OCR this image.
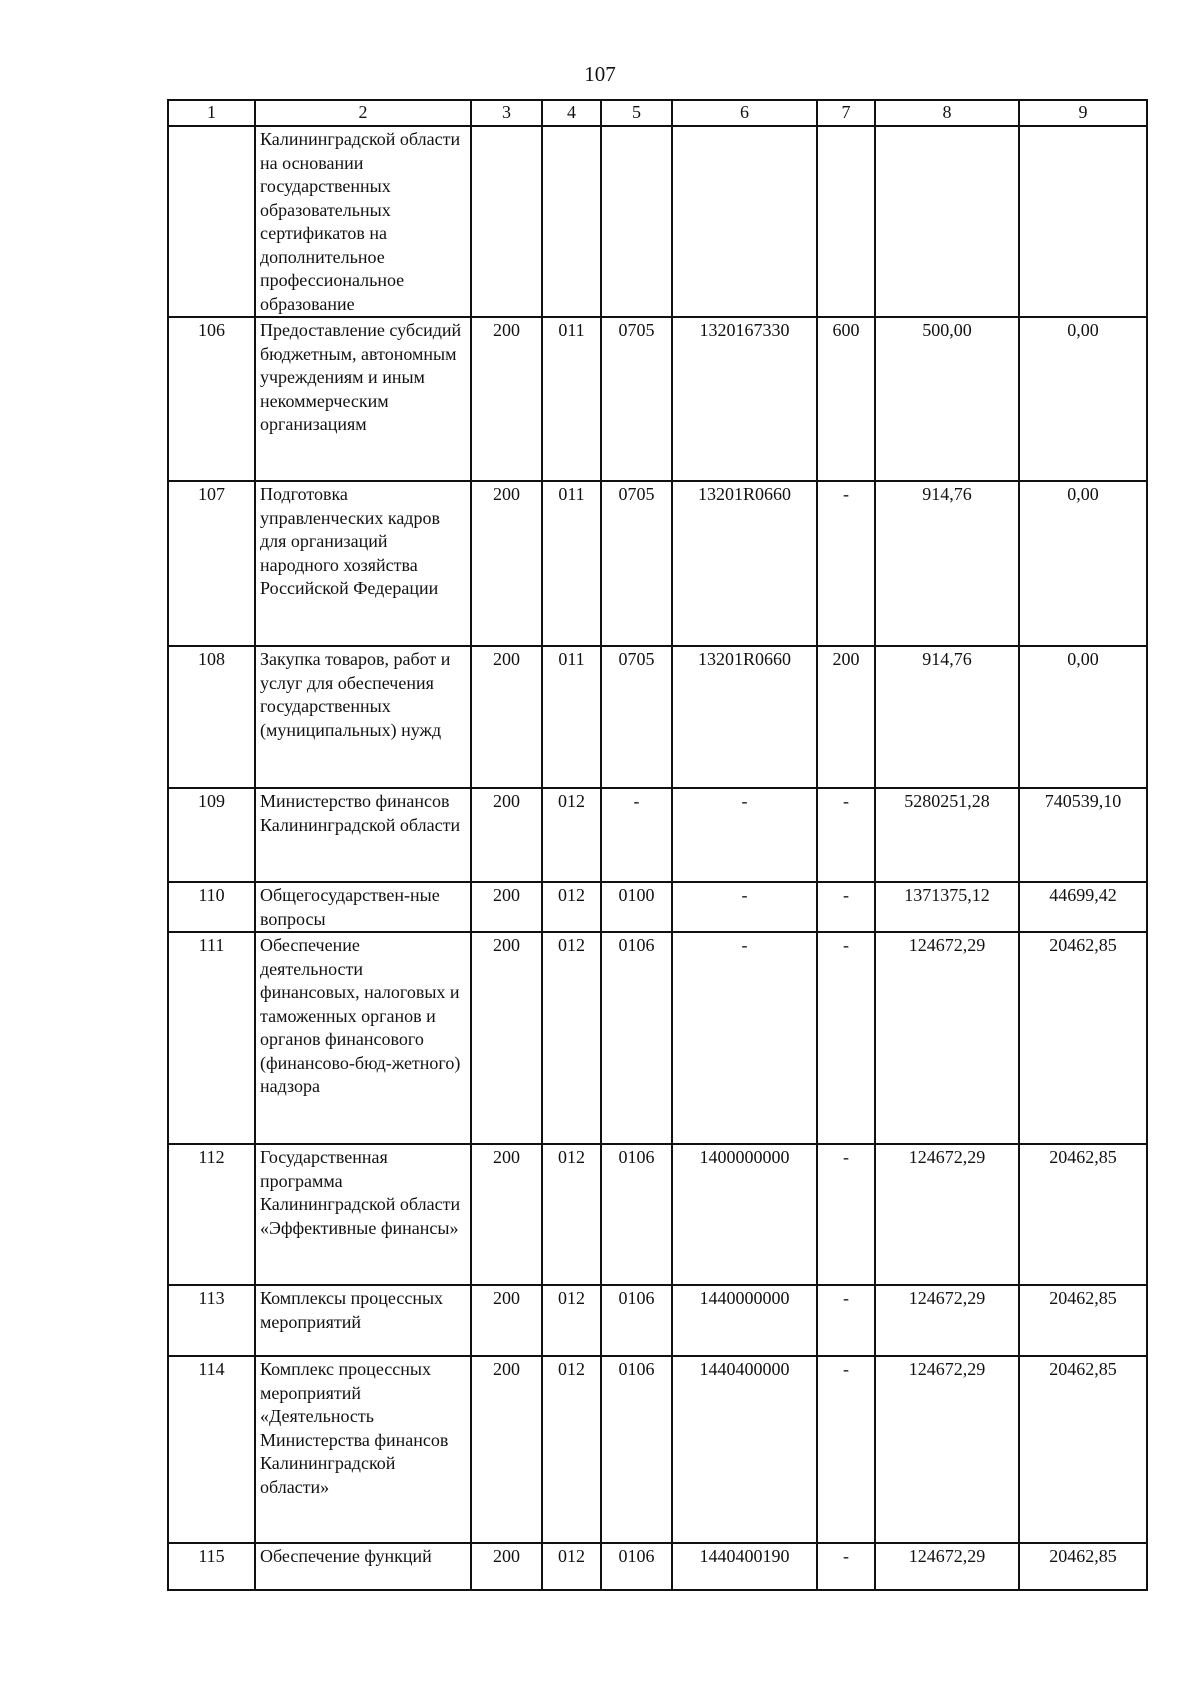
107
1	2	3	4	5	6	7	8	9
	Калининградской области на основании государственных образовательных сертификатов на дополнительное профессиональное образование							
106	Предоставление субсидий бюджетным, автономным учреждениям и иным некоммерческим организациям	200	011	0705	1320167330	600	500,00	0,00
107	Подготовка управленческих кадров для организаций народного хозяйства Российской Федерации	200	011	0705	13201R0660	-	914,76	0,00
108	Закупка товаров, работ и услуг для обеспечения государственных (муниципальных) нужд	200	011	0705	13201R0660	200	914,76	0,00
109	Министерство финансов Калининградской области	200	012	-	-	-	5280251,28	740539,10
110	Общегосударствен-ные вопросы	200	012	0100	-	-	1371375,12	44699,42
111	Обеспечение деятельности финансовых, налоговых и таможенных органов и органов финансового (финансово-бюд-жетного) надзора	200	012	0106	-	-	124672,29	20462,85
112	Государственная программа Калининградской области «Эффективные финансы»	200	012	0106	1400000000	-	124672,29	20462,85
113	Комплексы процессных мероприятий	200	012	0106	1440000000	-	124672,29	20462,85
114	Комплекс процессных мероприятий «Деятельность Министерства финансов Калининградской области»	200	012	0106	1440400000	-	124672,29	20462,85
115	Обеспечение функций	200	012	0106	1440400190	-	124672,29	20462,85
